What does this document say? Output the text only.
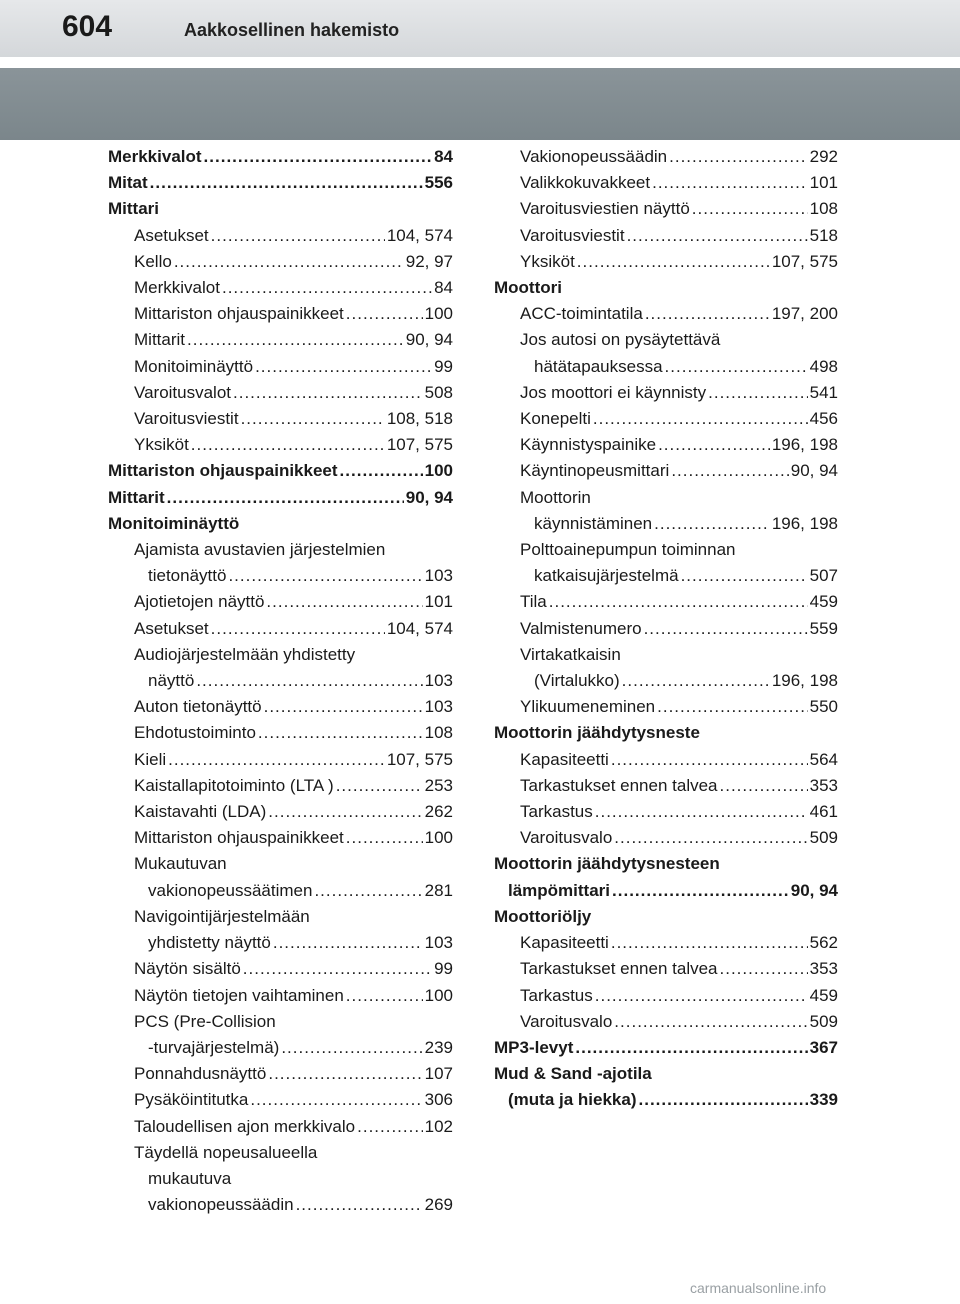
604	Aakkosellinen hakemisto
Merkkivalot .....	84
Mitat .....	556
Mittari
Asetukset .....	104, 574
Kello .....	92, 97
Merkkivalot .....	84
Mittariston ohjauspainikkeet .....	100
Mittarit .....	90, 94
Monitoiminäyttö .....	99
Varoitusvalot .....	508
Varoitusviestit .....	108, 518
Yksiköt .....	107, 575
Mittariston ohjauspainikkeet .....	100
Mittarit .....	90, 94
Monitoiminäyttö
Ajamista avustavien järjestelmien
tietonäyttö .....	103
Ajotietojen näyttö .....	101
Asetukset .....	104, 574
Audiojärjestelmään yhdistetty
näyttö .....	103
Auton tietonäyttö .....	103
Ehdotustoiminto .....	108
Kieli .....	107, 575
Kaistallapitotoiminto (LTA ) .....	253
Kaistavahti (LDA) .....	262
Mittariston ohjauspainikkeet .....	100
Mukautuvan
vakionopeussäätimen .....	281
Navigointijärjestelmään
yhdistetty näyttö .....	103
Näytön sisältö .....	99
Näytön tietojen vaihtaminen .....	100
PCS (Pre-Collision
-turvajärjestelmä) .....	239
Ponnahdusnäyttö .....	107
Pysäköintitutka .....	306
Taloudellisen ajon merkkivalo .....	102
Täydellä nopeusalueella
mukautuva
vakionopeussäädin .....	269
Vakionopeussäädin .....	292
Valikkokuvakkeet .....	101
Varoitusviestien näyttö .....	108
Varoitusviestit .....	518
Yksiköt .....	107, 575
Moottori
ACC-toimintatila .....	197, 200
Jos autosi on pysäytettävä
hätätapauksessa .....	498
Jos moottori ei käynnisty .....	541
Konepelti .....	456
Käynnistyspainike .....	196, 198
Käyntinopeusmittari .....	90, 94
Moottorin
käynnistäminen .....	196, 198
Polttoainepumpun toiminnan
katkaisujärjestelmä .....	507
Tila .....	459
Valmistenumero .....	559
Virtakatkaisin
(Virtalukko) .....	196, 198
Ylikuumeneminen .....	550
Moottorin jäähdytysneste
Kapasiteetti .....	564
Tarkastukset ennen talvea .....	353
Tarkastus .....	461
Varoitusvalo .....	509
Moottorin jäähdytysnesteen
lämpömittari .....	90, 94
Moottoriöljy
Kapasiteetti .....	562
Tarkastukset ennen talvea .....	353
Tarkastus .....	459
Varoitusvalo .....	509
MP3-levyt .....	367
Mud & Sand -ajotila
(muta ja hiekka) .....	339
carmanualsonline.info
